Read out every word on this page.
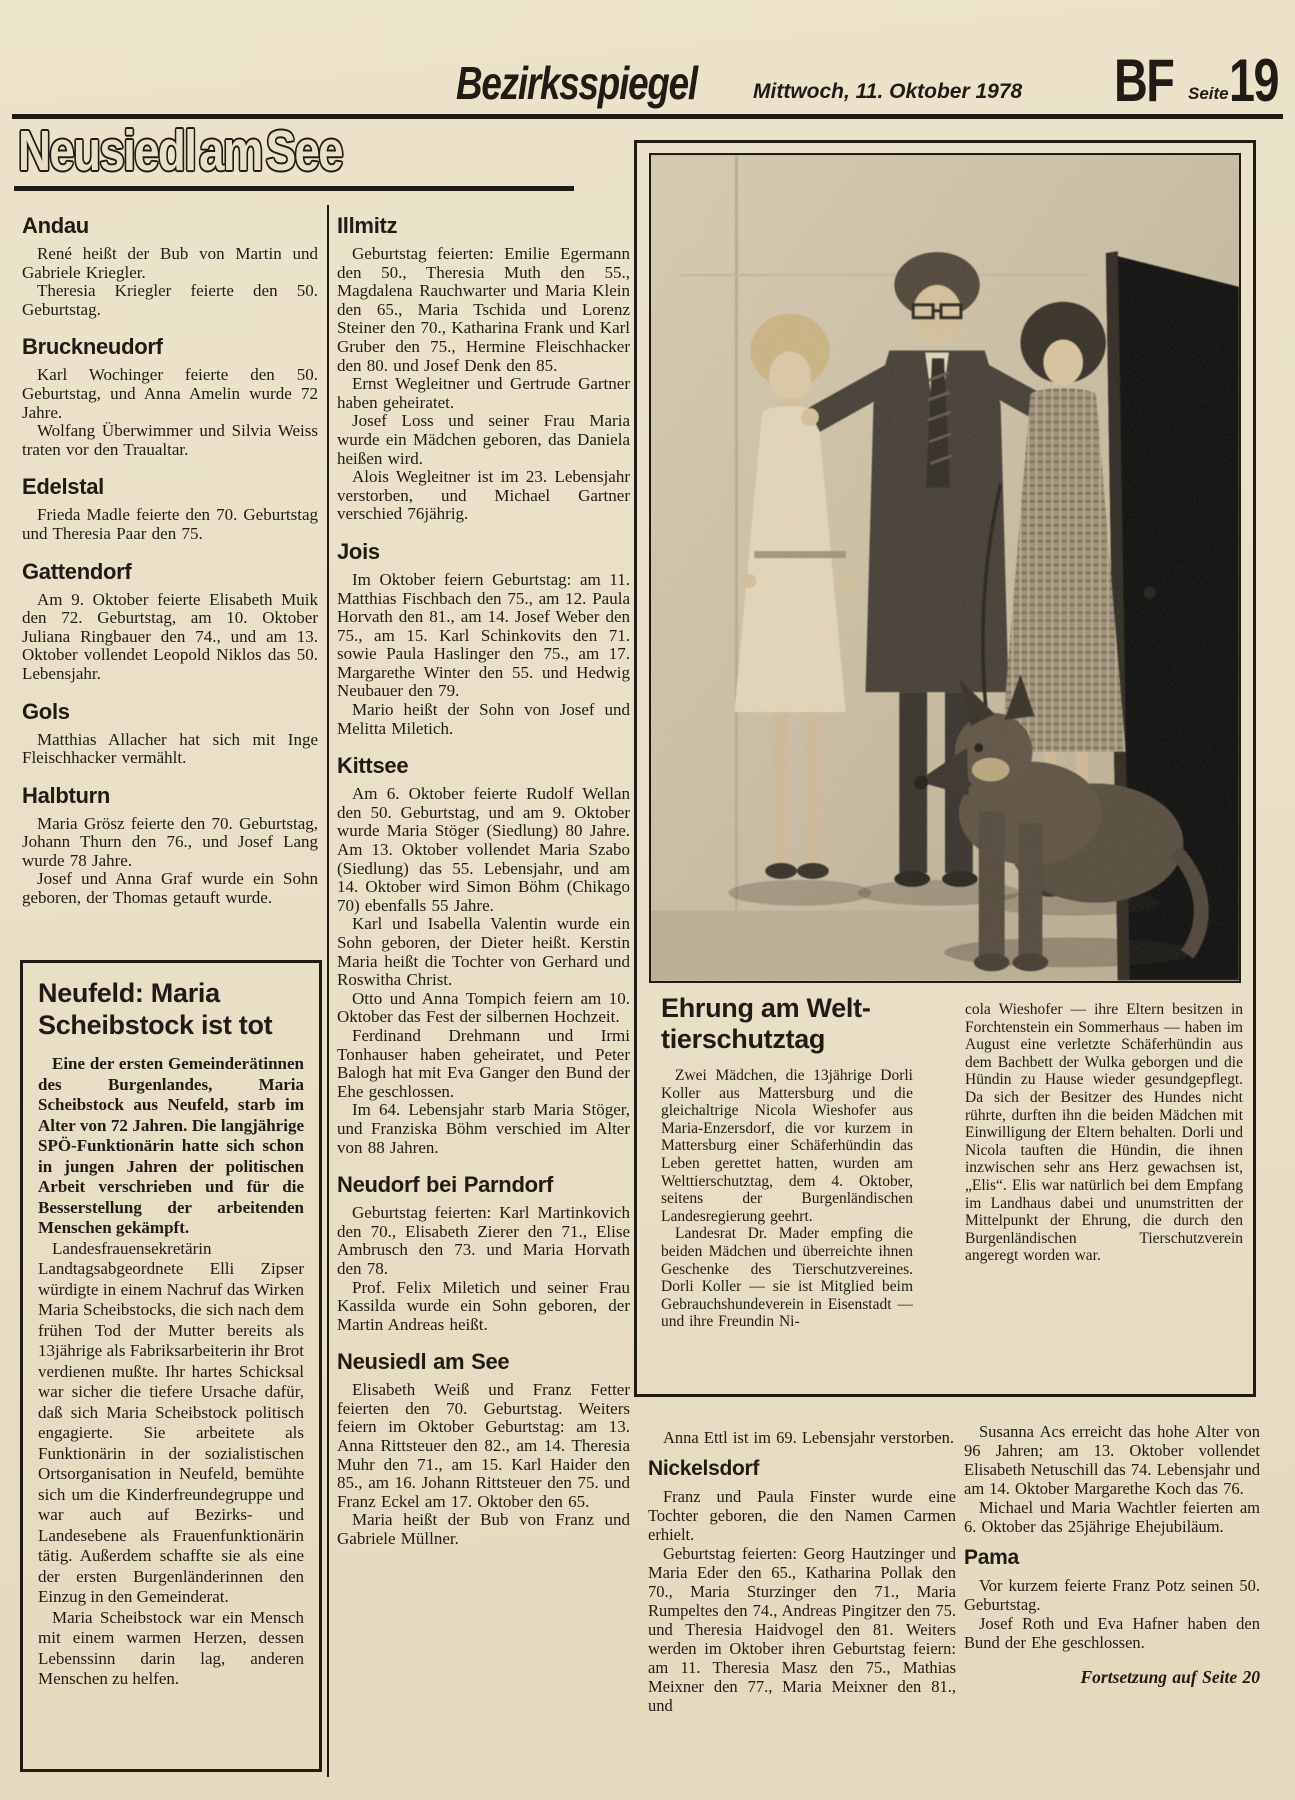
Bezirksspiegel	Mittwoch, 11. Oktober 1978 BF Seite 19
Neusiedl am See
Andau

René heißt der Bub von Martin und Gabriele Kriegler.

Theresia Kriegler feierte den 50. Geburtstag.

Bruckneudorf

Karl Wochinger feierte den 50. Geburtstag, und Anna Amelin wurde 72 Jahre.

Wolfang Überwimmer und Silvia Weiss traten vor den Traualtar.

Edelstal

Frieda Madle feierte den 70. Geburtstag und Theresia Paar den 75.

Gattendorf

Am 9. Oktober feierte Elisabeth Muik den 72. Geburtstag, am 10. Oktober Juliana Ringbauer den 74., und am 13. Oktober vollendet Leopold Niklos das 50. Lebensjahr.

Gols

Matthias Allacher hat sich mit Inge Fleischhacker vermählt.

Halbturn

Maria Grösz feierte den 70. Geburtstag, Johann Thurn den 76., und Josef Lang wurde 78 Jahre.

Josef und Anna Graf wurde ein Sohn geboren, der Thomas getauft wurde.

Neufeld: Maria
Scheibstock ist tot

Eine der ersten Gemeinderätinnen des Burgenlandes, Maria Scheibstock aus Neufeld, starb im Alter von 72 Jahren. Die langjährige SPÖ-Funktionärin hatte sich schon in jungen Jahren der politischen Arbeit verschrieben und für die Besserstellung der arbeitenden Menschen gekämpft.

Landesfrauensekretärin Landtagsabgeordnete Elli Zipser würdigte in einem Nachruf das Wirken Maria Scheibstocks, die sich nach dem frühen Tod der Mutter bereits als 13jährige als Fabriksarbeiterin ihr Brot verdienen mußte. Ihr hartes Schicksal war sicher die tiefere Ursache dafür, daß sich Maria Scheibstock politisch engagierte. Sie arbeitete als Funktionärin in der sozialistischen Ortsorganisation in Neufeld, bemühte sich um die Kinderfreundegruppe und war auch auf Bezirks- und Landesebene als Frauenfunktionärin tätig. Außerdem schaffte sie als eine der ersten Burgenländerinnen den Einzug in den Gemeinderat.

Maria Scheibstock war ein Mensch mit einem warmen Herzen, dessen Lebenssinn darin lag, anderen Menschen zu helfen.

Illmitz

Geburtstag feierten: Emilie Egermann den 50., Theresia Muth den 55., Magdalena Rauchwarter und Maria Klein den 65., Maria Tschida und Lorenz Steiner den 70., Katharina Frank und Karl Gruber den 75., Hermine Fleischhacker den 80. und Josef Denk den 85.

Ernst Wegleitner und Gertrude Gartner haben geheiratet.

Josef Loss und seiner Frau Maria wurde ein Mädchen geboren, das Daniela heißen wird.

Alois Wegleitner ist im 23. Lebensjahr verstorben, und Michael Gartner verschied 76jährig.

Jois

Im Oktober feiern Geburtstag: am 11. Matthias Fischbach den 75., am 12. Paula Horvath den 81., am 14. Josef Weber den 75., am 15. Karl Schinkovits den 71. sowie Paula Haslinger den 75., am 17. Margarethe Winter den 55. und Hedwig Neubauer den 79.

Mario heißt der Sohn von Josef und Melitta Miletich.

Kittsee

Am 6. Oktober feierte Rudolf Wellan den 50. Geburtstag, und am 9. Oktober wurde Maria Stöger (Siedlung) 80 Jahre. Am 13. Oktober vollendet Maria Szabo (Siedlung) das 55. Lebensjahr, und am 14. Oktober wird Simon Böhm (Chikago 70) ebenfalls 55 Jahre.

Karl und Isabella Valentin wurde ein Sohn geboren, der Dieter heißt. Kerstin Maria heißt die Tochter von Gerhard und Roswitha Christ.

Otto und Anna Tompich feiern am 10. Oktober das Fest der silbernen Hochzeit.

Ferdinand Drehmann und Irmi Tonhauser haben geheiratet, und Peter Balogh hat mit Eva Ganger den Bund der Ehe geschlossen.

Im 64. Lebensjahr starb Maria Stöger, und Franziska Böhm verschied im Alter von 88 Jahren.

Neudorf bei Parndorf

Geburtstag feierten: Karl Martinkovich den 70., Elisabeth Zierer den 71., Elise Ambrusch den 73. und Maria Horvath den 78.

Prof. Felix Miletich und seiner Frau Kassilda wurde ein Sohn geboren, der Martin Andreas heißt.

Neusiedl am See

Elisabeth Weiß und Franz Fetter feierten den 70. Geburtstag. Weiters feiern im Oktober Geburtstag: am 13. Anna Rittsteuer den 82., am 14. Theresia Muhr den 71., am 15. Karl Haider den 85., am 16. Johann Rittsteuer den 75. und Franz Eckel am 17. Oktober den 65.

Maria heißt der Bub von Franz und Gabriele Müllner.

Ehrung am Welt-
tierschutztag

Zwei Mädchen, die 13jährige Dorli Koller aus Mattersburg und die gleichaltrige Nicola Wieshofer aus Maria-Enzersdorf, die vor kurzem in Mattersburg einer Schäferhündin das Leben gerettet hatten, wurden am Welttierschutztag, dem 4. Oktober, seitens der Burgenländischen Landesregierung geehrt.

Landesrat Dr. Mader empfing die beiden Mädchen und überreichte ihnen Geschenke des Tierschutzvereines. Dorli Koller — sie ist Mitglied beim Gebrauchshundeverein in Eisenstadt — und ihre Freundin Ni-

cola Wieshofer — ihre Eltern besitzen in Forchtenstein ein Sommerhaus — haben im August eine verletzte Schäferhündin aus dem Bachbett der Wulka geborgen und die Hündin zu Hause wieder gesundgepflegt. Da sich der Besitzer des Hundes nicht rührte, durften ihn die beiden Mädchen mit Einwilligung der Eltern behalten. Dorli und Nicola tauften die Hündin, die ihnen inzwischen sehr ans Herz gewachsen ist, „Elis“. Elis war natürlich bei dem Empfang im Landhaus dabei und unumstritten der Mittelpunkt der Ehrung, die durch den Burgenländischen Tierschutzverein angeregt worden war.

Anna Ettl ist im 69. Lebensjahr verstorben.

Nickelsdorf

Franz und Paula Finster wurde eine Tochter geboren, die den Namen Carmen erhielt.

Geburtstag feierten: Georg Hautzinger und Maria Eder den 65., Katharina Pollak den 70., Maria Sturzinger den 71., Maria Rumpeltes den 74., Andreas Pingitzer den 75. und Theresia Haidvogel den 81. Weiters werden im Oktober ihren Geburtstag feiern: am 11. Theresia Masz den 75., Mathias Meixner den 77., Maria Meixner den 81., und

Susanna Acs erreicht das hohe Alter von 96 Jahren; am 13. Oktober vollendet Elisabeth Netuschill das 74. Lebensjahr und am 14. Oktober Margarethe Koch das 76.

Michael und Maria Wachtler feierten am 6. Oktober das 25jährige Ehejubiläum.

Pama

Vor kurzem feierte Franz Potz seinen 50. Geburtstag.

Josef Roth und Eva Hafner haben den Bund der Ehe geschlossen.

Fortsetzung auf Seite 20
